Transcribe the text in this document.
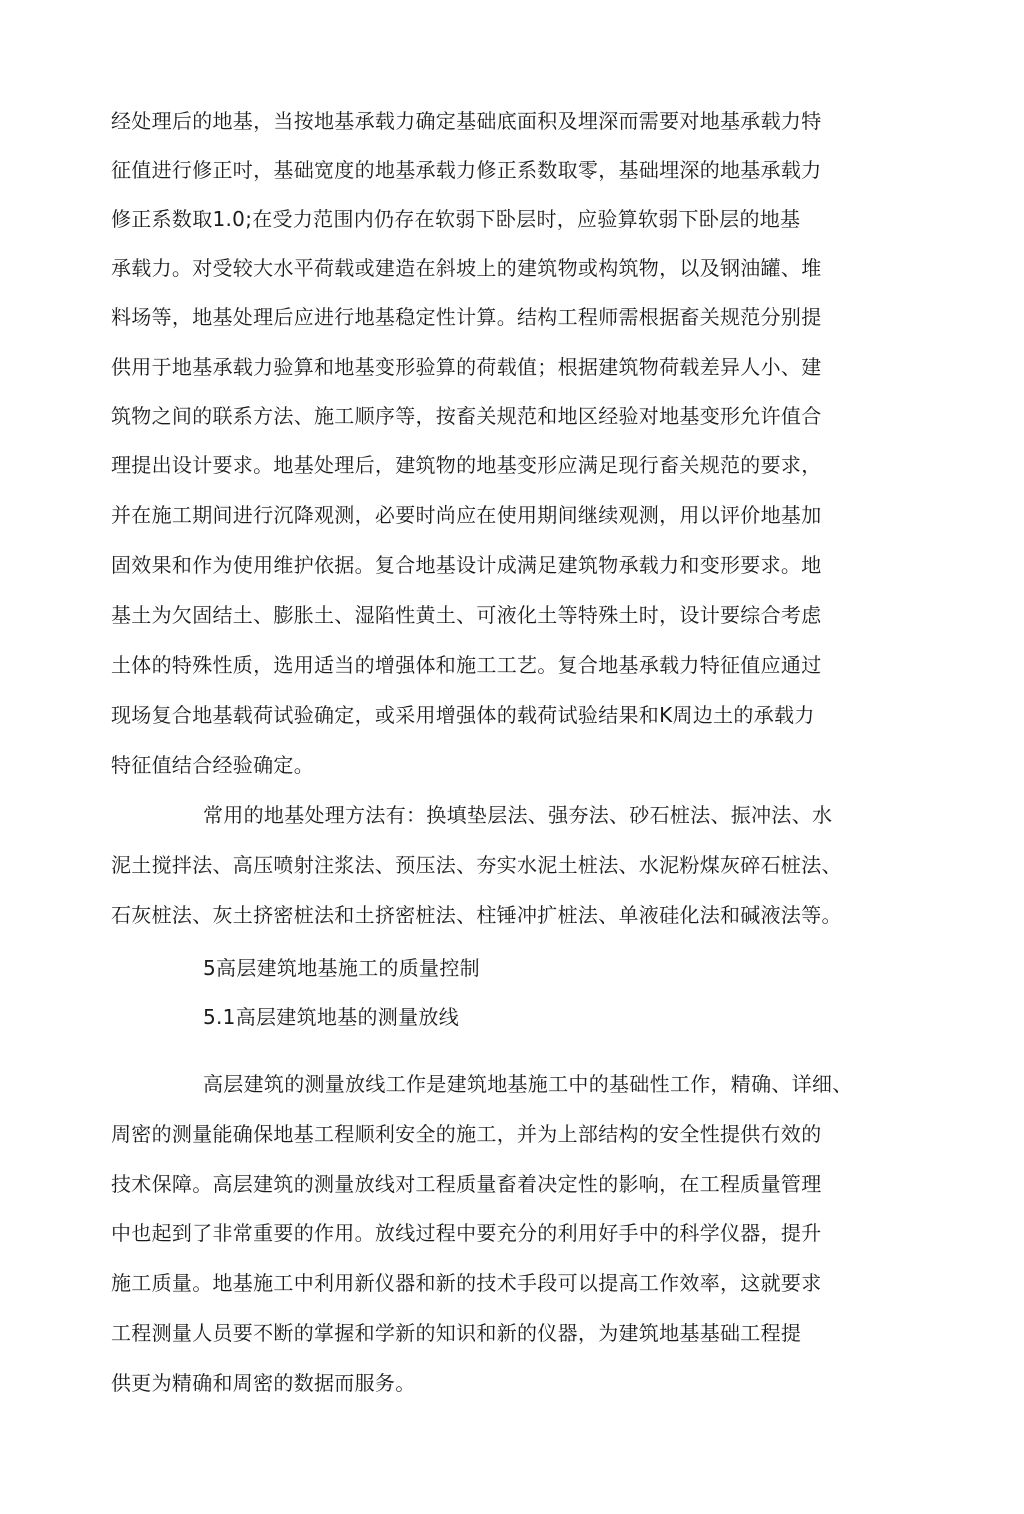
经处理后的地基，当按地基承载力确定基础底面积及埋深而需要对地基承载力特
征值进行修正吋，基础宽度的地基承载力修正系数取零，基础埋深的地基承载力
修正系数取1.0;在受力范围内仍存在软弱下卧层时，应验算软弱下卧层的地基
承载力。对受较大水平荷载或建造在斜坡上的建筑物或构筑物，以及钢油罐、堆
料场等，地基处理后应进行地基稳定性计算。结构工程师需根据畜关规范分别提
供用于地基承载力验算和地基变形验算的荷载值；根据建筑物荷载差异人小、建
筑物之间的联系方法、施工顺序等，按畜关规范和地区经验对地基变形允许值合
理提出设计要求。地基处理后，建筑物的地基变形应满足现行畜关规范的要求，
并在施工期间进行沉降观测，必要时尚应在使用期间继续观测，用以评价地基加
固效果和作为使用维护依据。复合地基设计成满足建筑物承载力和变形要求。地
基土为欠固结土、膨胀土、湿陷性黄土、可液化土等特殊土时，设计要综合考虑
土体的特殊性质，选用适当的增强体和施工工艺。复合地基承载力特征值应通过
现场复合地基载荷试验确定，或采用增强体的载荷试验结果和K周边土的承载力
特征值结合经验确定。
常用的地基处理方法有：换填垫层法、强夯法、砂石桩法、振冲法、水
泥土搅拌法、高压喷射注浆法、预压法、夯实水泥土桩法、水泥粉煤灰碎石桩法、
石灰桩法、灰土挤密桩法和土挤密桩法、柱锤冲扩桩法、单液硅化法和碱液法等。
5高层建筑地基施工的质量控制
5.1高层建筑地基的测量放线
高层建筑的测量放线工作是建筑地基施工中的基础性工作，精确、详细、
周密的测量能确保地基工程顺利安全的施工，并为上部结构的安全性提供冇效的
技术保障。高层建筑的测量放线对工程质量畜着决定性的影响，在工程质量管理
中也起到了非常重要的作用。放线过程中要充分的利用好手中的科学仪器，提升
施工质量。地基施工中利用新仪器和新的技术手段可以提高工作效率，这就要求
工程测量人员要不断的掌握和学新的知识和新的仪器，为建筑地基基础工程提
供更为精确和周密的数据而服务。
